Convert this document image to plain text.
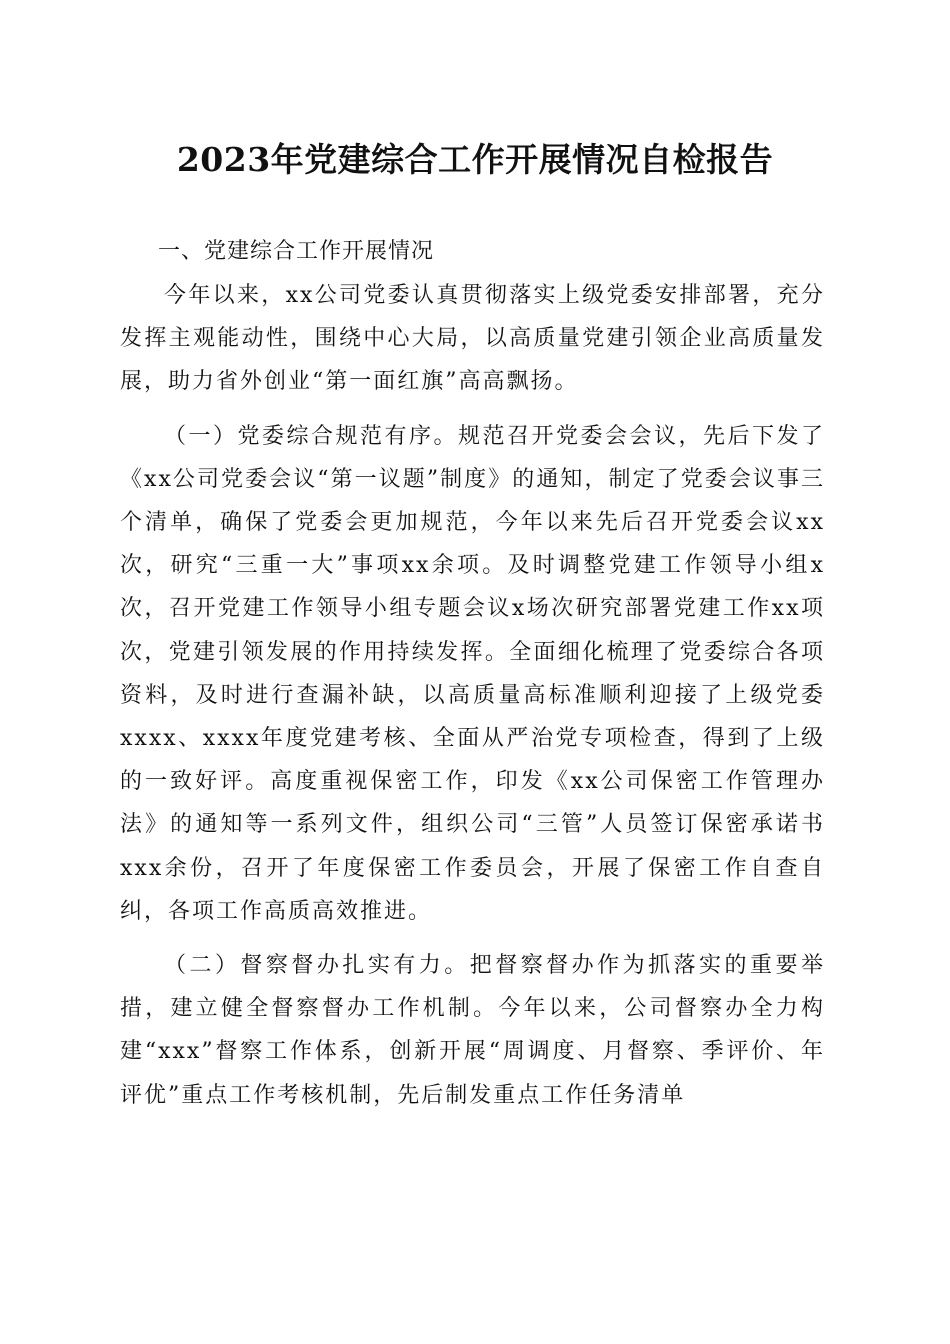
2023年党建综合工作开展情况自检报告

一、党建综合工作开展情况

今年以来，xx公司党委认真贯彻落实上级党委安排部署，充分发挥主观能动性，围绕中心大局，以高质量党建引领企业高质量发展，助力省外创业“第一面红旗”高高飘扬。

（一）党委综合规范有序。规范召开党委会会议，先后下发了《xx公司党委会议“第一议题”制度》的通知，制定了党委会议事三个清单，确保了党委会更加规范，今年以来先后召开党委会议xx次，研究“三重一大”事项xx余项。及时调整党建工作领导小组x次，召开党建工作领导小组专题会议x场次研究部署党建工作xx项次，党建引领发展的作用持续发挥。全面细化梳理了党委综合各项资料，及时进行查漏补缺，以高质量高标准顺利迎接了上级党委xxxx、xxxx年度党建考核、全面从严治党专项检查，得到了上级的一致好评。高度重视保密工作，印发《xx公司保密工作管理办法》的通知等一系列文件，组织公司“三管”人员签订保密承诺书xxx余份，召开了年度保密工作委员会，开展了保密工作自查自纠，各项工作高质高效推进。

（二）督察督办扎实有力。把督察督办作为抓落实的重要举措，建立健全督察督办工作机制。今年以来，公司督察办全力构建“xxx”督察工作体系，创新开展“周调度、月督察、季评价、年评优”重点工作考核机制，先后制发重点工作任务清单
